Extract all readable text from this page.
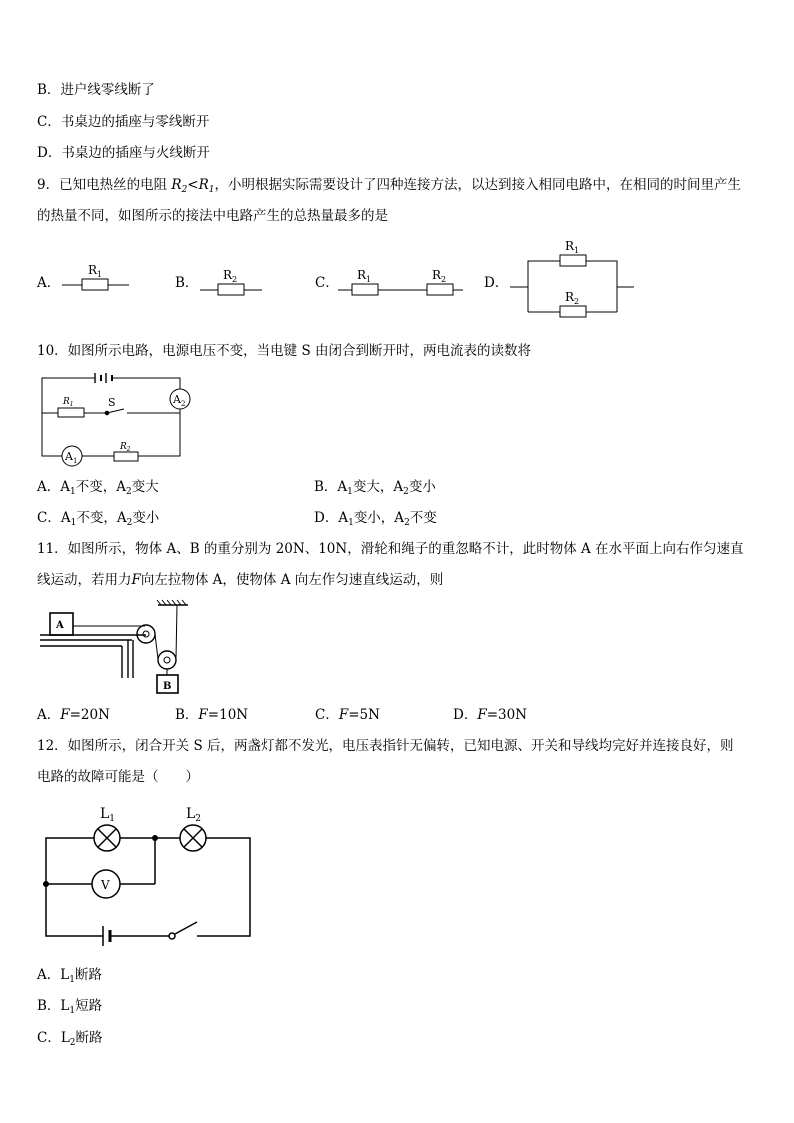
B．进户线零线断了
C．书桌边的插座与零线断开
D．书桌边的插座与火线断开
9．已知电热丝的电阻 $R_2<R_1$，小明根据实际需要设计了四种连接方法，以达到接入相同电路中，在相同的时间里产生
的热量不同，如图所示的接法中电路产生的总热量最多的是
A．	B．	C．	D．
$R_1$	$R_2$	$R_1$	$R_2$
$R_1$
$R_2$
$A_2$
$A_1$
S
$R_1$
$R_2$
A
B
$L_1$	$L_2$
V
10．如图所示电路，电源电压不变，当电键 S 由闭合到断开时，两电流表的读数将
A．$A_1$不变，$A_2$变大	B．$A_1$变大，$A_2$变小
C．$A_1$不变，$A_2$变小	D．$A_1$变小，$A_2$不变
11．如图所示，物体 A、B 的重分别为 20N、10N，滑轮和绳子的重忽略不计，此时物体 A 在水平面上向右作匀速直
线运动，若用力F向左拉物体 A，使物体 A 向左作匀速直线运动，则
A．F=20N	B．F=10N	C．F=5N	D．F=30N
12．如图所示，闭合开关 S 后，两盏灯都不发光，电压表指针无偏转，已知电源、开关和导线均完好并连接良好，则
电路的故障可能是（　　）
A．$L_1$断路
B．$L_1$短路
C．$L_2$断路
